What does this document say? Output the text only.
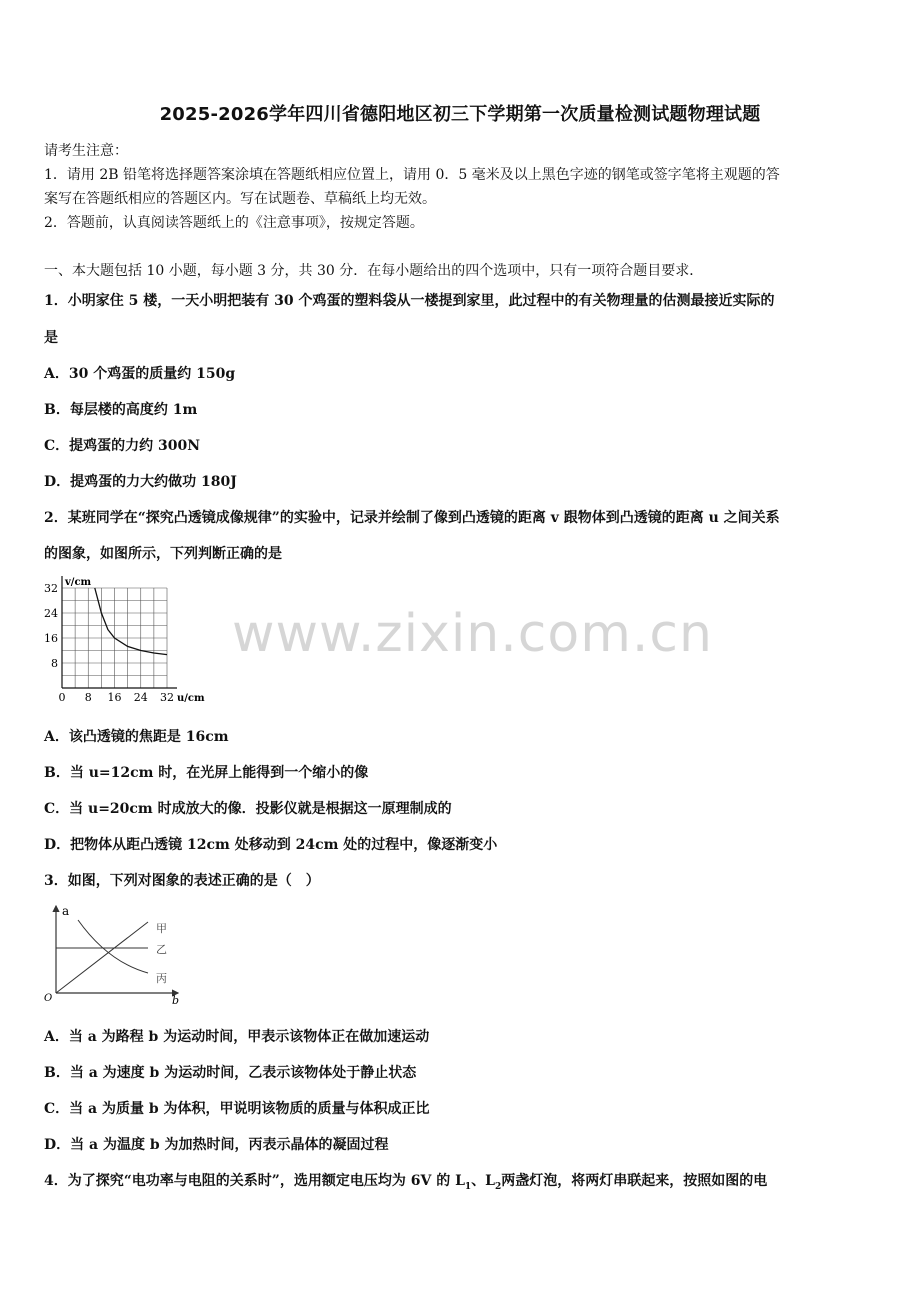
2025-2026学年四川省德阳地区初三下学期第一次质量检测试题物理试题
请考生注意：
1．请用 2B 铅笔将选择题答案涂填在答题纸相应位置上，请用 0．5 毫米及以上黑色字迹的钢笔或签字笔将主观题的答
案写在答题纸相应的答题区内。写在试题卷、草稿纸上均无效。
2．答题前，认真阅读答题纸上的《注意事项》，按规定答题。
一、本大题包括 10 小题，每小题 3 分，共 30 分．在每小题给出的四个选项中，只有一项符合题目要求．
1．小明家住 5 楼，一天小明把装有 30 个鸡蛋的塑料袋从一楼提到家里，此过程中的有关物理量的估测最接近实际的
是
A．30 个鸡蛋的质量约 150g
B．每层楼的高度约 1m
C．提鸡蛋的力约 300N
D．提鸡蛋的力大约做功 180J
2．某班同学在“探究凸透镜成像规律”的实验中，记录并绘制了像到凸透镜的距离 v 跟物体到凸透镜的距离 u 之间关系
的图象，如图所示，下列判断正确的是
0 8 16 24 32
8
16
24
32 v/cm
u/cm
A．该凸透镜的焦距是 16cm
B．当 u=12cm 时，在光屏上能得到一个缩小的像
C．当 u=20cm 时成放大的像．投影仪就是根据这一原理制成的
D．把物体从距凸透镜 12cm 处移动到 24cm 处的过程中，像逐渐变小
3．如图，下列对图象的表述正确的是（　）
a
b
O
甲
乙
丙
A．当 a 为路程 b 为运动时间，甲表示该物体正在做加速运动
B．当 a 为速度 b 为运动时间，乙表示该物体处于静止状态
C．当 a 为质量 b 为体积，甲说明该物质的质量与体积成正比
D．当 a 为温度 b 为加热时间，丙表示晶体的凝固过程
4．为了探究“电功率与电阻的关系时”，选用额定电压均为 6V 的 $L_1$、$L_2$两盏灯泡，将两灯串联起来，按照如图的电
www.zixin.com.cn
